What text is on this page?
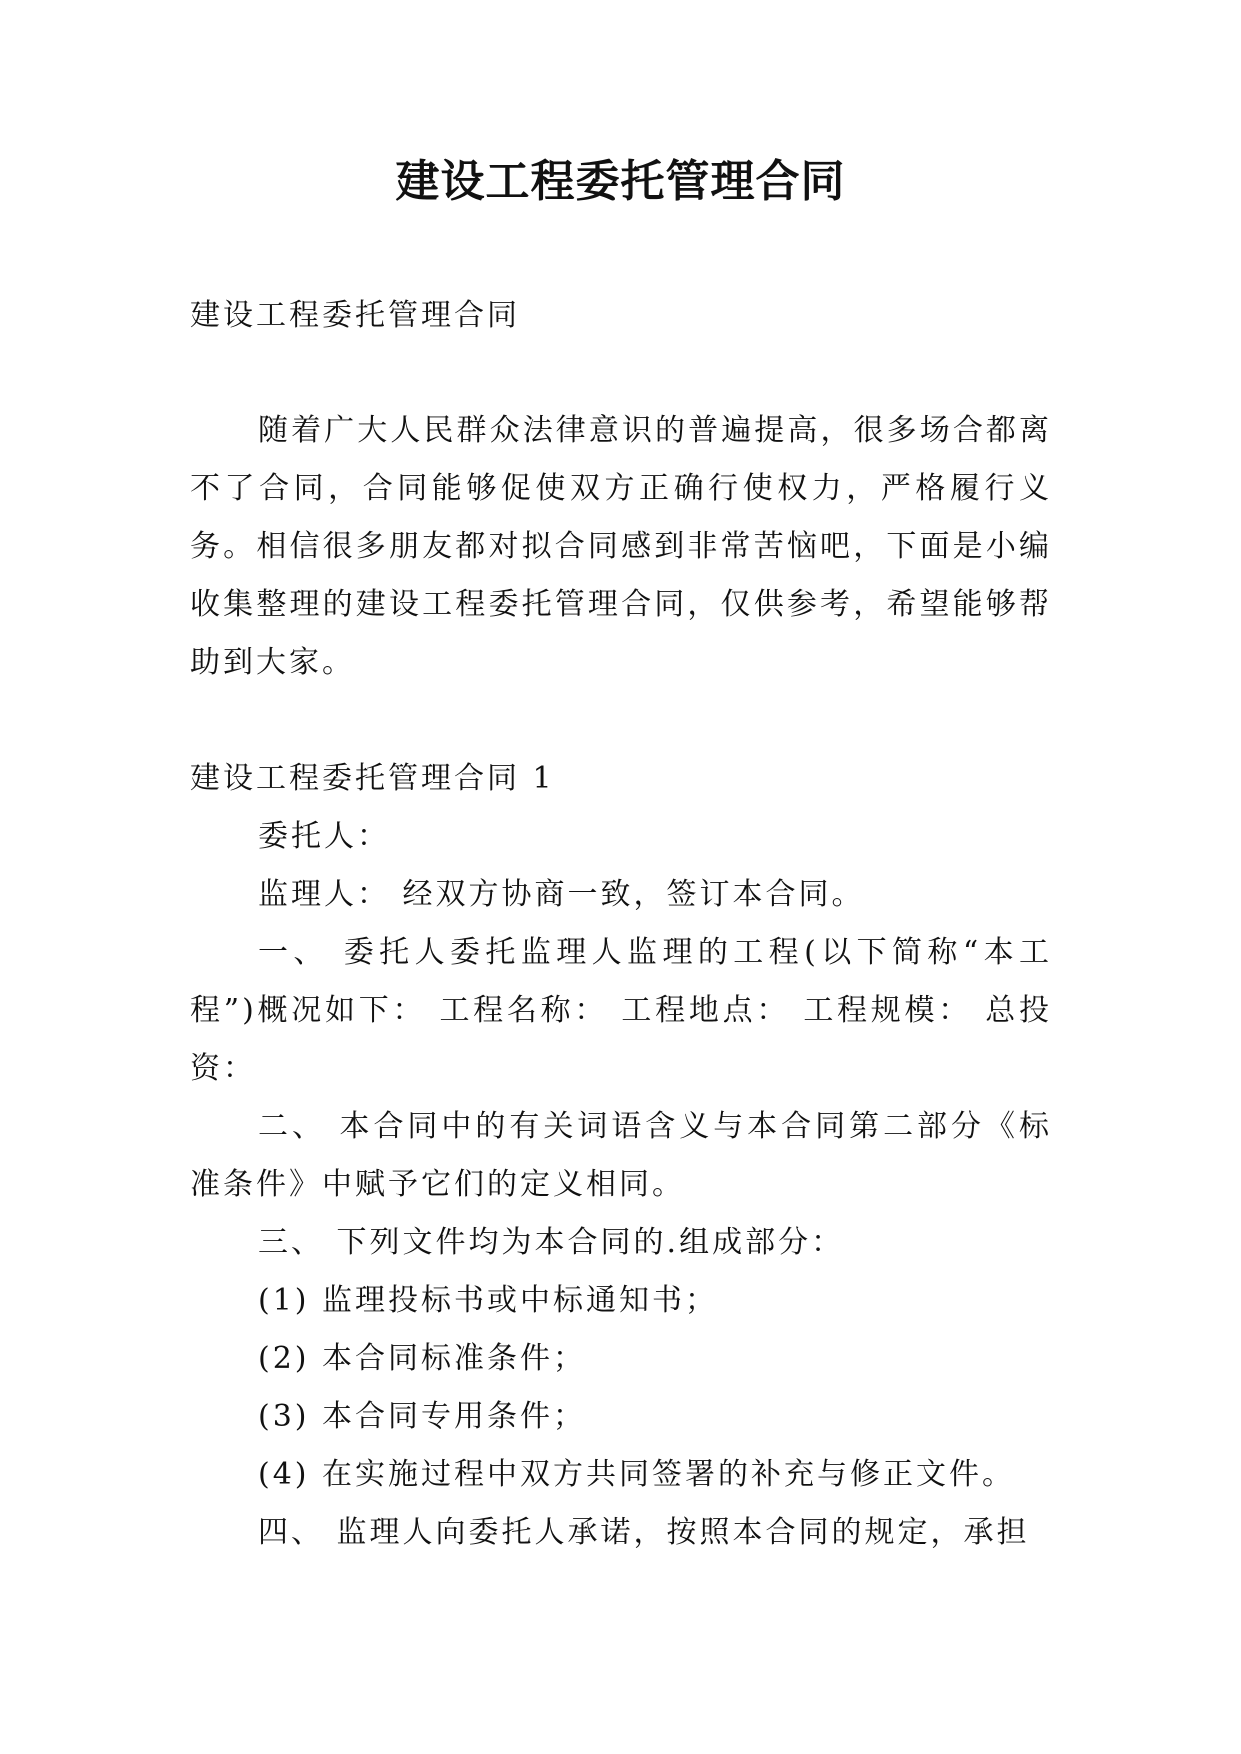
建设工程委托管理合同

建设工程委托管理合同

随着广大人民群众法律意识的普遍提高，很多场合都离不了合同，合同能够促使双方正确行使权力，严格履行义务。相信很多朋友都对拟合同感到非常苦恼吧，下面是小编收集整理的建设工程委托管理合同，仅供参考，希望能够帮助到大家。

建设工程委托管理合同 1

委托人：

监理人： 经双方协商一致，签订本合同。

一、 委托人委托监理人监理的工程(以下简称“本工程”)概况如下： 工程名称： 工程地点： 工程规模： 总投 资：

二、 本合同中的有关词语含义与本合同第二部分《标准条件》中赋予它们的定义相同。

三、 下列文件均为本合同的.组成部分：

(1) 监理投标书或中标通知书；

(2) 本合同标准条件；

(3) 本合同专用条件；

(4) 在实施过程中双方共同签署的补充与修正文件。

四、 监理人向委托人承诺，按照本合同的规定，承担
